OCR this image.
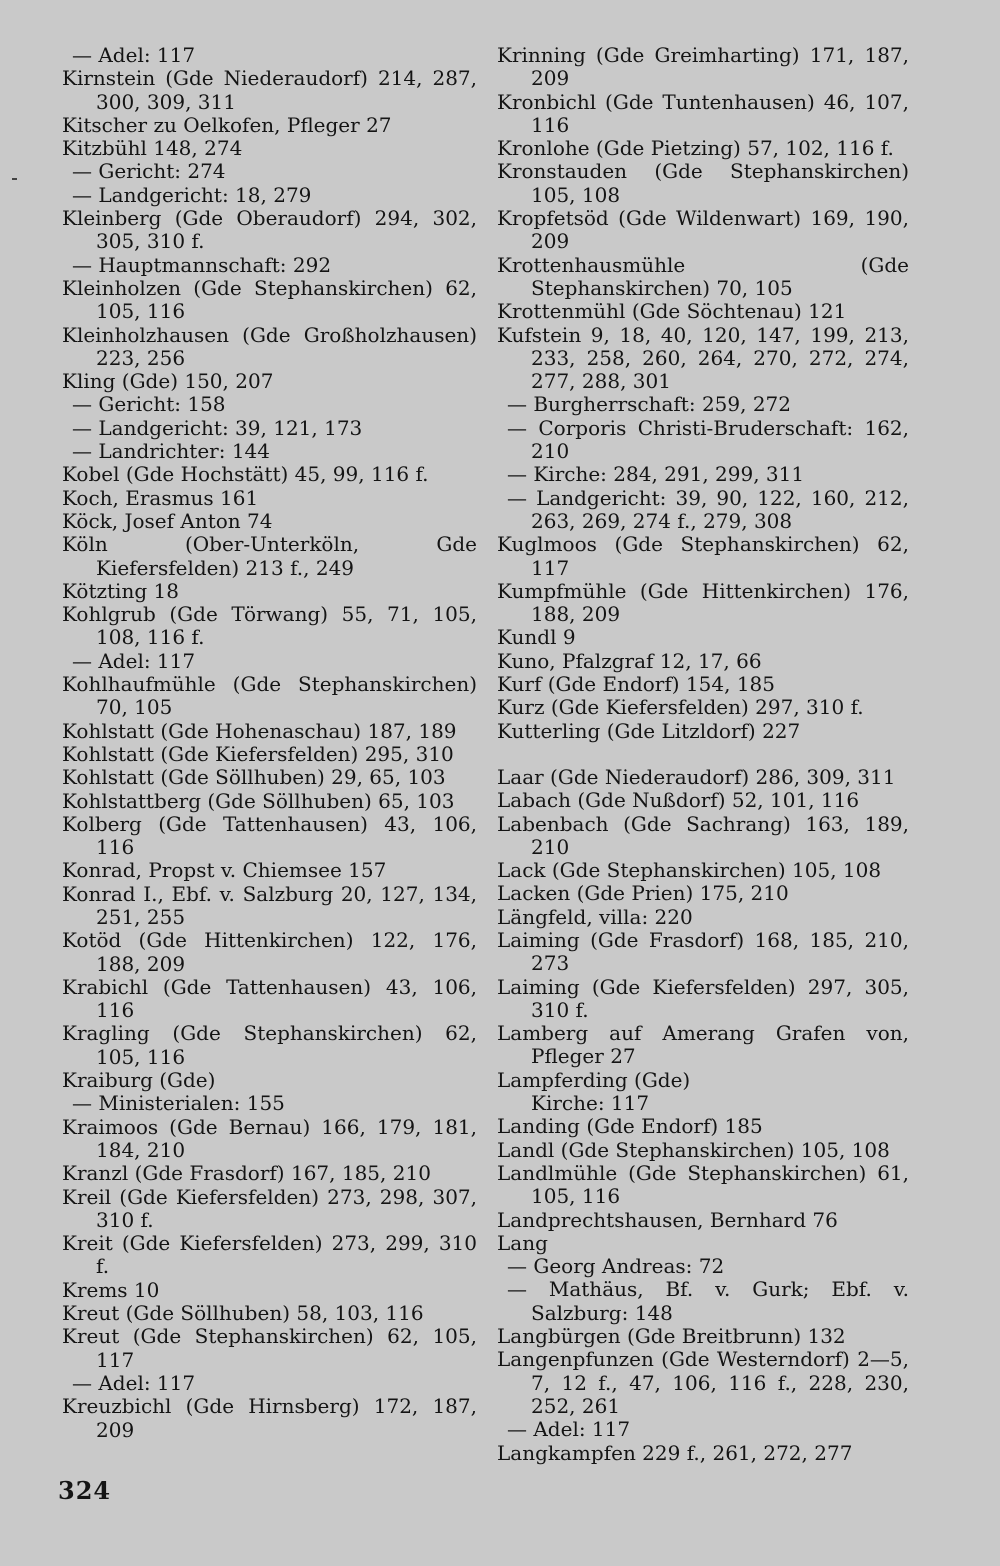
— Adel: 117

Kirnstein (Gde Niederaudorf) 214, 287, 300, 309, 311

Kitscher zu Oelkofen, Pfleger 27

Kitzbühl 148, 274

— Gericht: 274

— Landgericht: 18, 279

Kleinberg (Gde Oberaudorf) 294, 302, 305, 310 f.

— Hauptmannschaft: 292

Kleinholzen (Gde Stephanskirchen) 62, 105, 116

Kleinholzhausen (Gde Großholzhausen) 223, 256

Kling (Gde) 150, 207

— Gericht: 158

— Landgericht: 39, 121, 173

— Landrichter: 144

Kobel (Gde Hochstätt) 45, 99, 116 f.

Koch, Erasmus 161

Köck, Josef Anton 74

Köln (Ober-Unterköln, Gde Kiefersfelden) 213 f., 249

Kötzting 18

Kohlgrub (Gde Törwang) 55, 71, 105, 108, 116 f.

— Adel: 117

Kohlhaufmühle (Gde Stephanskirchen) 70, 105

Kohlstatt (Gde Hohenaschau) 187, 189

Kohlstatt (Gde Kiefersfelden) 295, 310

Kohlstatt (Gde Söllhuben) 29, 65, 103

Kohlstattberg (Gde Söllhuben) 65, 103

Kolberg (Gde Tattenhausen) 43, 106, 116

Konrad, Propst v. Chiemsee 157

Konrad I., Ebf. v. Salzburg 20, 127, 134, 251, 255

Kotöd (Gde Hittenkirchen) 122, 176, 188, 209

Krabichl (Gde Tattenhausen) 43, 106, 116

Kragling (Gde Stephanskirchen) 62, 105, 116

Kraiburg (Gde)

— Ministerialen: 155

Kraimoos (Gde Bernau) 166, 179, 181, 184, 210

Kranzl (Gde Frasdorf) 167, 185, 210

Kreil (Gde Kiefersfelden) 273, 298, 307, 310 f.

Kreit (Gde Kiefersfelden) 273, 299, 310 f.

Krems 10

Kreut (Gde Söllhuben) 58, 103, 116

Kreut (Gde Stephanskirchen) 62, 105, 117

— Adel: 117

Kreuzbichl (Gde Hirnsberg) 172, 187, 209

Krinning (Gde Greimharting) 171, 187, 209

Kronbichl (Gde Tuntenhausen) 46, 107, 116

Kronlohe (Gde Pietzing) 57, 102, 116 f.

Kronstauden (Gde Stephanskirchen) 105, 108

Kropfetsöd (Gde Wildenwart) 169, 190, 209

Krottenhausmühle (Gde Stephanskirchen) 70, 105

Krottenmühl (Gde Söchtenau) 121

Kufstein 9, 18, 40, 120, 147, 199, 213, 233, 258, 260, 264, 270, 272, 274, 277, 288, 301

— Burgherrschaft: 259, 272

— Corporis Christi-Bruderschaft: 162, 210

— Kirche: 284, 291, 299, 311

— Landgericht: 39, 90, 122, 160, 212, 263, 269, 274 f., 279, 308

Kuglmoos (Gde Stephanskirchen) 62, 117

Kumpfmühle (Gde Hittenkirchen) 176, 188, 209

Kundl 9

Kuno, Pfalzgraf 12, 17, 66

Kurf (Gde Endorf) 154, 185

Kurz (Gde Kiefersfelden) 297, 310 f.

Kutterling (Gde Litzldorf) 227

Laar (Gde Niederaudorf) 286, 309, 311

Labach (Gde Nußdorf) 52, 101, 116

Labenbach (Gde Sachrang) 163, 189, 210

Lack (Gde Stephanskirchen) 105, 108

Lacken (Gde Prien) 175, 210

Längfeld, villa: 220

Laiming (Gde Frasdorf) 168, 185, 210, 273

Laiming (Gde Kiefersfelden) 297, 305, 310 f.

Lamberg auf Amerang Grafen von, Pfleger 27

Lampferding (Gde)

Kirche: 117

Landing (Gde Endorf) 185

Landl (Gde Stephanskirchen) 105, 108

Landlmühle (Gde Stephanskirchen) 61, 105, 116

Landprechtshausen, Bernhard 76

Lang

— Georg Andreas: 72

— Mathäus, Bf. v. Gurk; Ebf. v. Salzburg: 148

Langbürgen (Gde Breitbrunn) 132

Langenpfunzen (Gde Westerndorf) 2—5, 7, 12 f., 47, 106, 116 f., 228, 230, 252, 261

— Adel: 117

Langkampfen 229 f., 261, 272, 277

324
